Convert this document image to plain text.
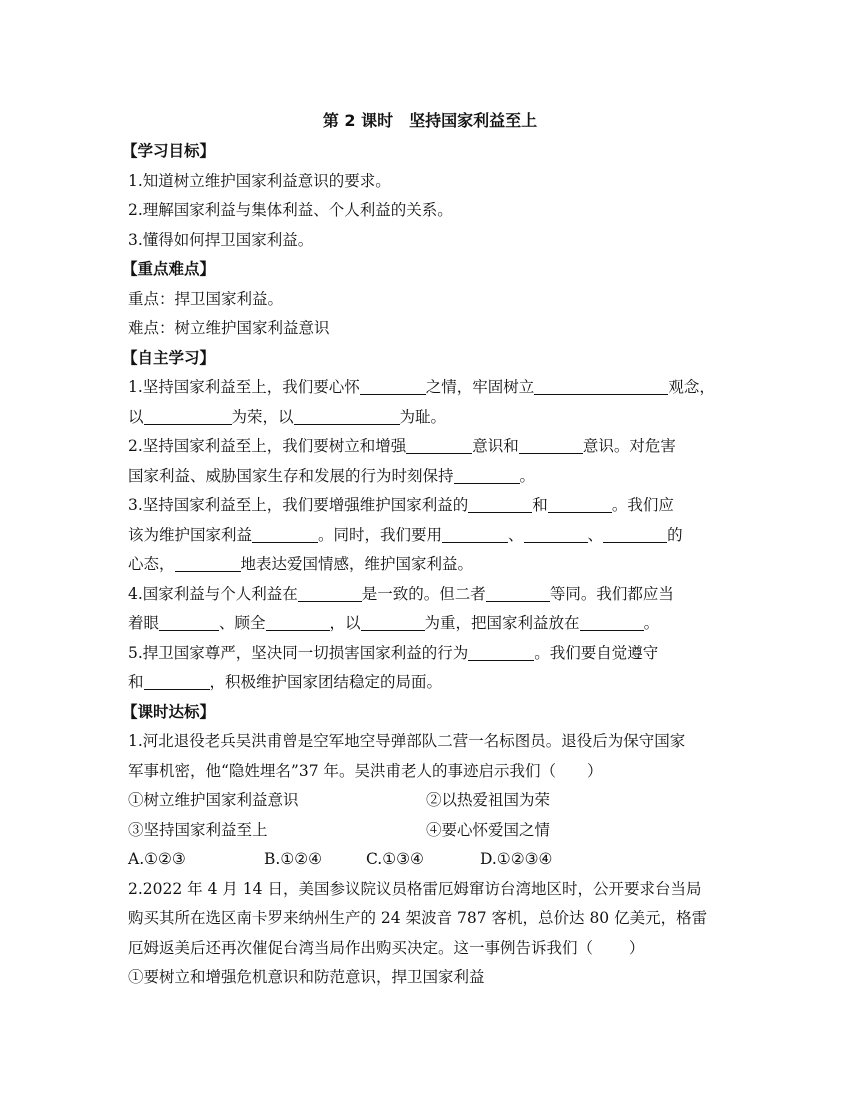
第 2 课时　坚持国家利益至上
【学习目标】
1.知道树立维护国家利益意识的要求。
2.理解国家利益与集体利益、个人利益的关系。
3.懂得如何捍卫国家利益。
【重点难点】
重点：捍卫国家利益。
难点：树立维护国家利益意识
【自主学习】
1.坚持国家利益至上，我们要心怀	之情，牢固树立	观念，
以	为荣，以	为耻。
2.坚持国家利益至上，我们要树立和增强	意识和	意识。对危害
国家利益、威胁国家生存和发展的行为时刻保持	。
3.坚持国家利益至上，我们要增强维护国家利益的	和	。我们应
该为维护国家利益	。同时，我们要用	、	、	的
心态，	地表达爱国情感，维护国家利益。
4.国家利益与个人利益在	是一致的。但二者	等同。我们都应当
着眼	、顾全	，以	为重，把国家利益放在	。
5.捍卫国家尊严，坚决同一切损害国家利益的行为	。我们要自觉遵守
和	，积极维护国家团结稳定的局面。
【课时达标】
1.河北退役老兵吴洪甫曾是空军地空导弹部队二营一名标图员。退役后为保守国家
军事机密，他“隐姓埋名”37 年。吴洪甫老人的事迹启示我们（　　）
①树立维护国家利益意识	②以热爱祖国为荣
③坚持国家利益至上	④要心怀爱国之情
A.①②③	B.①②④	C.①③④	D.①②③④
2.2022 年 4 月 14 日，美国参议院议员格雷厄姆窜访台湾地区时，公开要求台当局
购买其所在选区南卡罗来纳州生产的 24 架波音 787 客机，总价达 80 亿美元，格雷
厄姆返美后还再次催促台湾当局作出购买决定。这一事例告诉我们（　　 ）
①要树立和增强危机意识和防范意识，捍卫国家利益
